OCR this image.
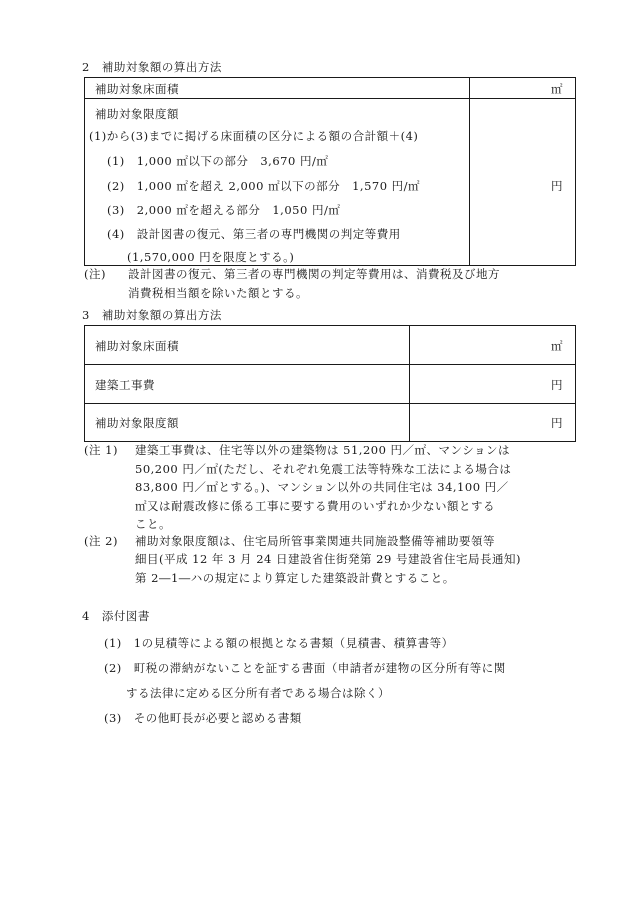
2　補助対象額の算出方法
補助対象床面積	㎡
補助対象限度額
(1)から(3)までに掲げる床面積の区分による額の合計額＋(4)
(1)　1,000 ㎡以下の部分　3,670 円/㎡
(2)　1,000 ㎡を超え 2,000 ㎡以下の部分　1,570 円/㎡
(3)　2,000 ㎡を超える部分　1,050 円/㎡
(4)　設計図書の復元、第三者の専門機関の判定等費用
(1,570,000 円を限度とする。)
円
(注) 設計図書の復元、第三者の専門機関の判定等費用は、消費税及び地方
消費税相当額を除いた額とする。
3　補助対象額の算出方法
補助対象床面積	㎡
建築工事費	円
補助対象限度額	円
(注 1) 建築工事費は、住宅等以外の建築物は 51,200 円／㎡、マンションは
50,200 円／㎡(ただし、それぞれ免震工法等特殊な工法による場合は
83,800 円／㎡とする。)、マンション以外の共同住宅は 34,100 円／
㎡又は耐震改修に係る工事に要する費用のいずれか少ない額とする
こと。
(注 2) 補助対象限度額は、住宅局所管事業関連共同施設整備等補助要領等
細目(平成 12 年 3 月 24 日建設省住街発第 29 号建設省住宅局長通知)
第 2―1―ハの規定により算定した建築設計費とすること。
4　添付図書
(1)　1の見積等による額の根拠となる書類（見積書、積算書等）
(2)　町税の滞納がないことを証する書面（申請者が建物の区分所有等に関
する法律に定める区分所有者である場合は除く）
(3)　その他町長が必要と認める書類
